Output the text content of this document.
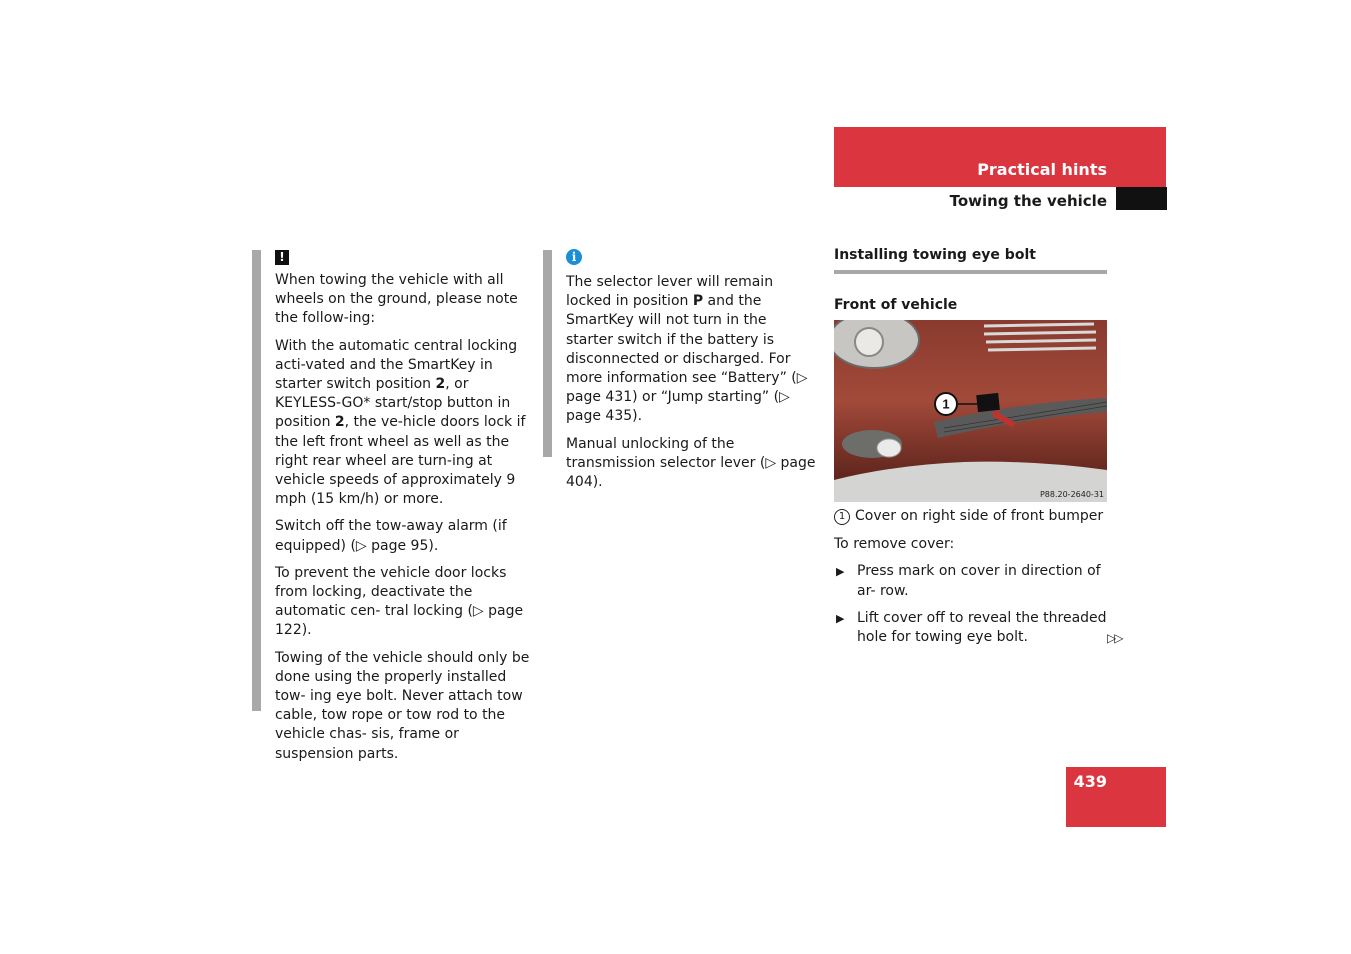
Practical hints
Towing the vehicle
!

When towing the vehicle with all wheels on the ground, please note the follow-ing:

With the automatic central locking acti-vated and the SmartKey in starter switch position 2, or KEYLESS-GO* start/stop button in position 2, the ve-hicle doors lock if the left front wheel as well as the right rear wheel are turn-ing at vehicle speeds of approximately 9 mph (15 km/h) or more.

Switch off the tow-away alarm (if equipped) (▷ page 95).

To prevent the vehicle door locks from locking, deactivate the automatic cen- tral locking (▷ page 122).

Towing of the vehicle should only be done using the properly installed tow- ing eye bolt. Never attach tow cable, tow rope or tow rod to the vehicle chas- sis, frame or suspension parts.

i

The selector lever will remain locked in position P and the SmartKey will not turn in the starter switch if the battery is disconnected or discharged. For more information see “Battery” (▷ page 431) or “Jump starting” (▷ page 435).

Manual unlocking of the transmission selector lever (▷ page 404).

Installing towing eye bolt
Front of vehicle
1
P88.20-2640-31

1 Cover on right side of front bumper

To remove cover:

▶ Press mark on cover in direction of ar- row.
▶ Lift cover off to reveal the threaded hole for towing eye bolt.	▷▷
439
